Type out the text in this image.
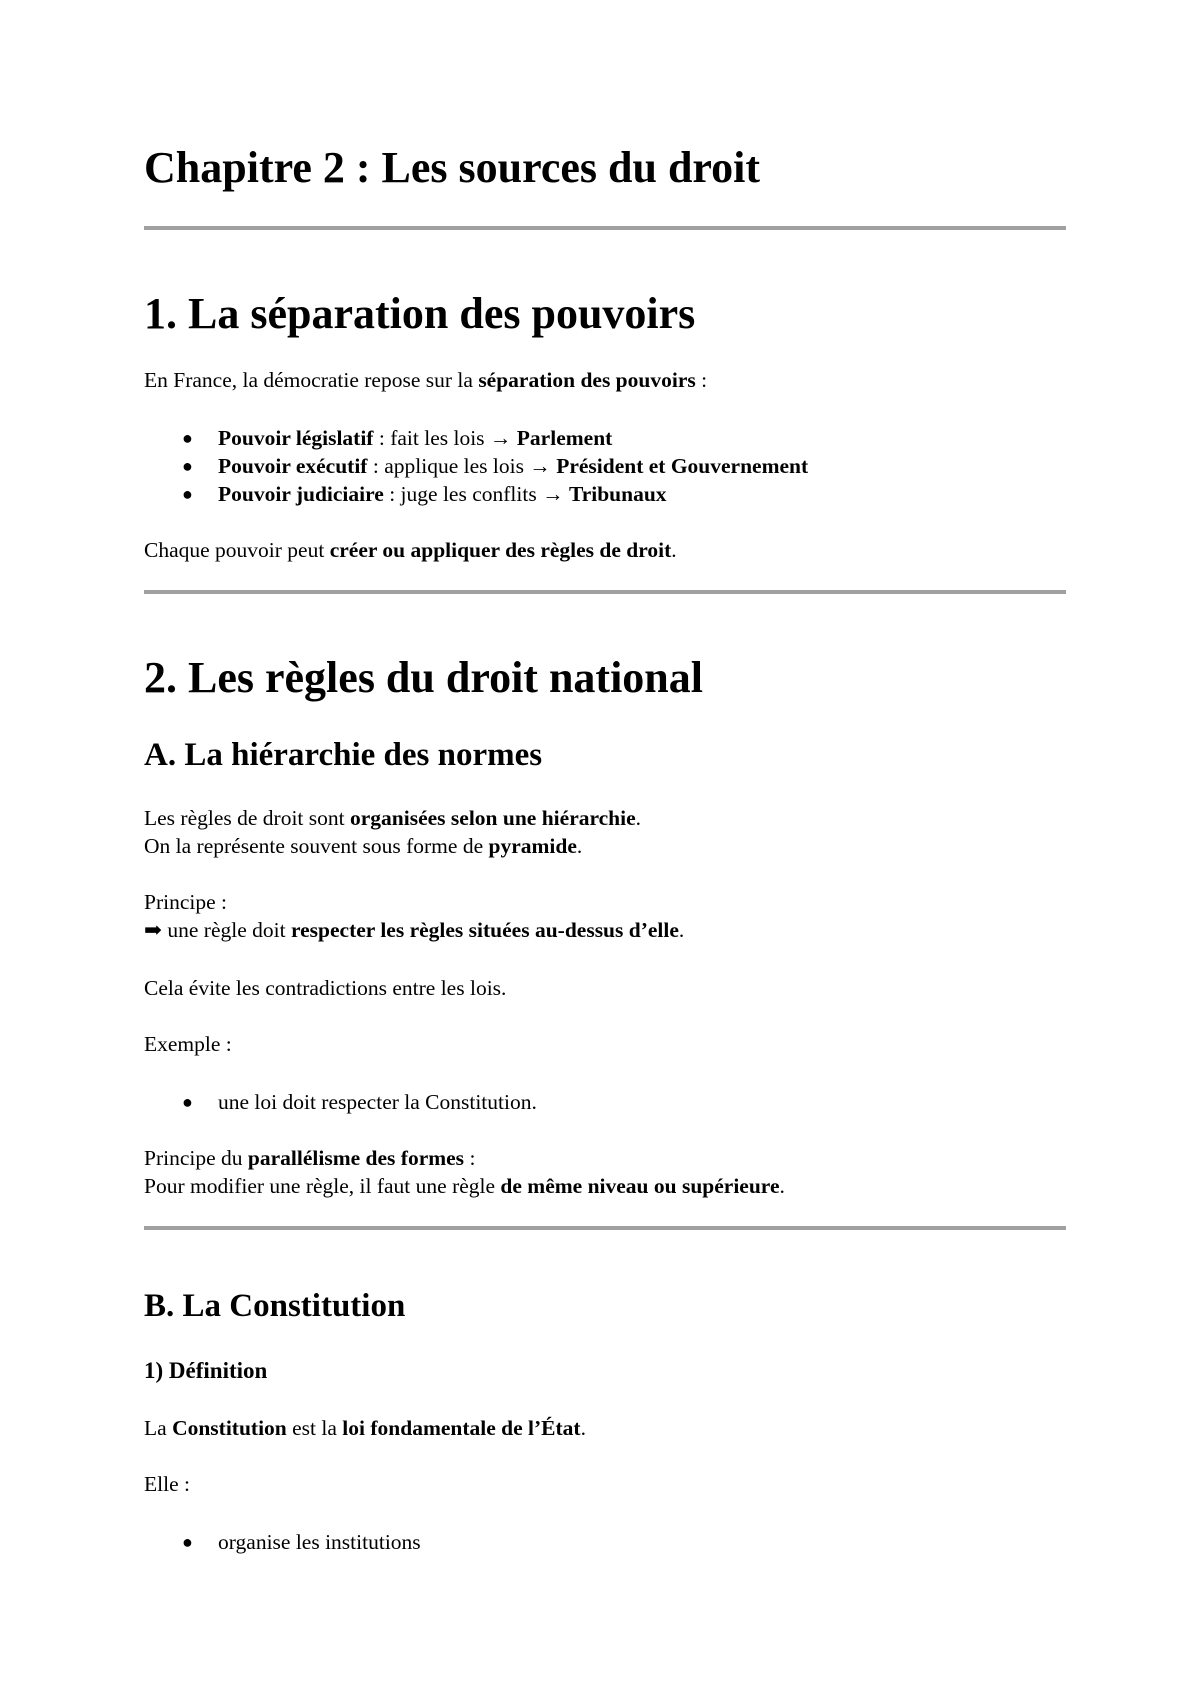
Chapitre 2 : Les sources du droit
1. La séparation des pouvoirs

En France, la démocratie repose sur la séparation des pouvoirs :

● Pouvoir législatif : fait les lois → Parlement
● Pouvoir exécutif : applique les lois → Président et Gouvernement
● Pouvoir judiciaire : juge les conflits → Tribunaux

Chaque pouvoir peut créer ou appliquer des règles de droit.

2. Les règles du droit national
A. La hiérarchie des normes

Les règles de droit sont organisées selon une hiérarchie.

On la représente souvent sous forme de pyramide.

Principe :

➡ une règle doit respecter les règles situées au-dessus d’elle.

Cela évite les contradictions entre les lois.

Exemple :

● une loi doit respecter la Constitution.

Principe du parallélisme des formes :

Pour modifier une règle, il faut une règle de même niveau ou supérieure.

B. La Constitution
1) Définition

La Constitution est la loi fondamentale de l’État.

Elle :

● organise les institutions
